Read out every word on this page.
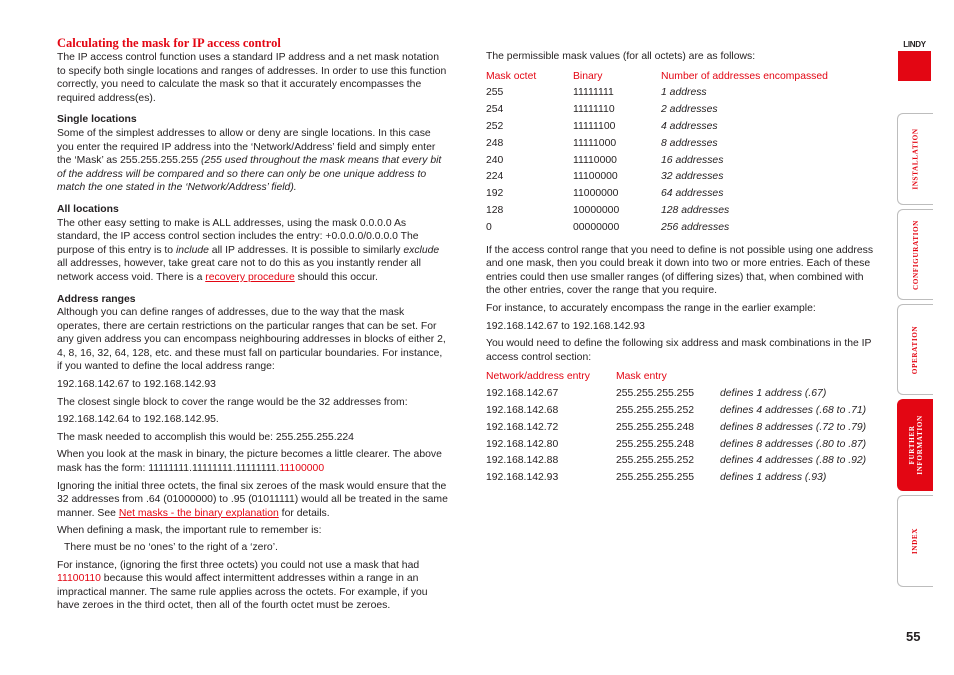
Calculating the mask for IP access control

The IP access control function uses a standard IP address and a net mask notation to specify both single locations and ranges of addresses. In order to use this function correctly, you need to calculate the mask so that it accurately encompasses the required address(es).

Single locations

Some of the simplest addresses to allow or deny are single locations. In this case you enter the required IP address into the ‘Network/Address’ field and simply enter the ‘Mask’ as 255.255.255.255 (255 used throughout the mask means that every bit of the address will be compared and so there can only be one unique address to match the one stated in the ‘Network/Address’ field).

All locations

The other easy setting to make is ALL addresses, using the mask 0.0.0.0 As standard, the IP access control section includes the entry: +0.0.0.0/0.0.0.0 The purpose of this entry is to include all IP addresses. It is possible to similarly exclude all addresses, however, take great care not to do this as you instantly render all network access void. There is a recovery procedure should this occur.

Address ranges

Although you can define ranges of addresses, due to the way that the mask operates, there are certain restrictions on the particular ranges that can be set. For any given address you can encompass neighbouring addresses in blocks of either 2, 4, 8, 16, 32, 64, 128, etc. and these must fall on particular boundaries. For instance, if you wanted to define the local address range:

192.168.142.67 to 192.168.142.93

The closest single block to cover the range would be the 32 addresses from:

192.168.142.64 to 192.168.142.95.

The mask needed to accomplish this would be: 255.255.255.224

When you look at the mask in binary, the picture becomes a little clearer. The above mask has the form: 11111111.11111111.11111111.11100000

Ignoring the initial three octets, the final six zeroes of the mask would ensure that the 32 addresses from .64 (01000000) to .95 (01011111) would all be treated in the same manner. See Net masks - the binary explanation for details.

When defining a mask, the important rule to remember is:

There must be no ‘ones’ to the right of a ‘zero’.

For instance, (ignoring the first three octets) you could not use a mask that had 11100110 because this would affect intermittent addresses within a range in an impractical manner. The same rule applies across the octets. For example, if you have zeroes in the third octet, then all of the fourth octet must be zeroes.

The permissible mask values (for all octets) are as follows:

Mask octet	Binary	Number of addresses encompassed
255	11111111	1 address
254	11111110	2 addresses
252	11111100	4 addresses
248	11111000	8 addresses
240	11110000	16 addresses
224	11100000	32 addresses
192	11000000	64 addresses
128	10000000	128 addresses
0	00000000	256 addresses

If the access control range that you need to define is not possible using one address and one mask, then you could break it down into two or more entries. Each of these entries could then use smaller ranges (of differing sizes) that, when combined with the other entries, cover the range that you require.

For instance, to accurately encompass the range in the earlier example:

192.168.142.67 to 192.168.142.93

You would need to define the following six address and mask combinations in the IP access control section:

Network/address entry	Mask entry	
192.168.142.67	255.255.255.255	defines 1 address (.67)
192.168.142.68	255.255.255.252	defines 4 addresses (.68 to .71)
192.168.142.72	255.255.255.248	defines 8 addresses (.72 to .79)
192.168.142.80	255.255.255.248	defines 8 addresses (.80 to .87)
192.168.142.88	255.255.255.252	defines 4 addresses (.88 to .92)
192.168.142.93	255.255.255.255	defines 1 address (.93)
LINDY
INSTALLATION
CONFIGURATION
OPERATION
FURTHER INFORMATION
INDEX
55
